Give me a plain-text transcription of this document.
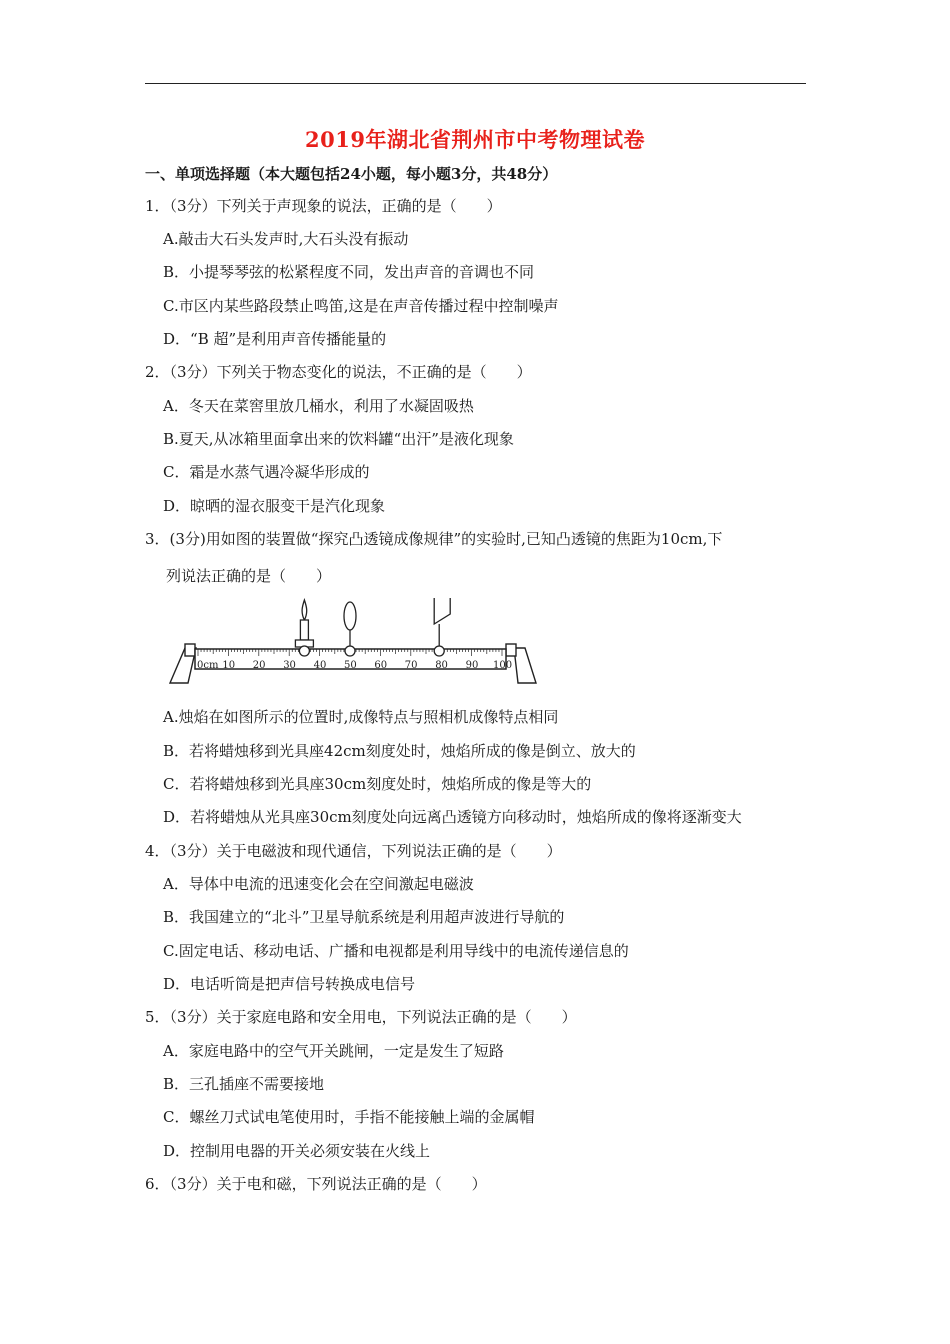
2019年湖北省荆州市中考物理试卷
一、单项选择题（本大题包括24小题，每小题3分，共48分）
1．（3分）下列关于声现象的说法，正确的是（　　）
A.敲击大石头发声时,大石头没有振动
B．小提琴琴弦的松紧程度不同，发出声音的音调也不同
C.市区内某些路段禁止鸣笛,这是在声音传播过程中控制噪声
D．“B 超”是利用声音传播能量的
2．（3分）下列关于物态变化的说法，不正确的是（　　）
A．冬天在菜窖里放几桶水，利用了水凝固吸热
B.夏天,从冰箱里面拿出来的饮料罐“出汗”是液化现象
C．霜是水蒸气遇冷凝华形成的
D．晾晒的湿衣服变干是汽化现象
3．(3分)用如图的装置做“探究凸透镜成像规律”的实验时,已知凸透镜的焦距为10cm,下
列说法正确的是（　　）
0cm 10 20 30 40 50 60 70 80 90 100
A.烛焰在如图所示的位置时,成像特点与照相机成像特点相同
B．若将蜡烛移到光具座42cm刻度处时，烛焰所成的像是倒立、放大的
C．若将蜡烛移到光具座30cm刻度处时，烛焰所成的像是等大的
D．若将蜡烛从光具座30cm刻度处向远离凸透镜方向移动时，烛焰所成的像将逐渐变大
4．（3分）关于电磁波和现代通信，下列说法正确的是（　　）
A．导体中电流的迅速变化会在空间激起电磁波
B．我国建立的“北斗”卫星导航系统是利用超声波进行导航的
C.固定电话、移动电话、广播和电视都是利用导线中的电流传递信息的
D．电话听筒是把声信号转换成电信号
5．（3分）关于家庭电路和安全用电，下列说法正确的是（　　）
A．家庭电路中的空气开关跳闸，一定是发生了短路
B．三孔插座不需要接地
C．螺丝刀式试电笔使用时，手指不能接触上端的金属帽
D．控制用电器的开关必须安装在火线上
6．（3分）关于电和磁，下列说法正确的是（　　）
